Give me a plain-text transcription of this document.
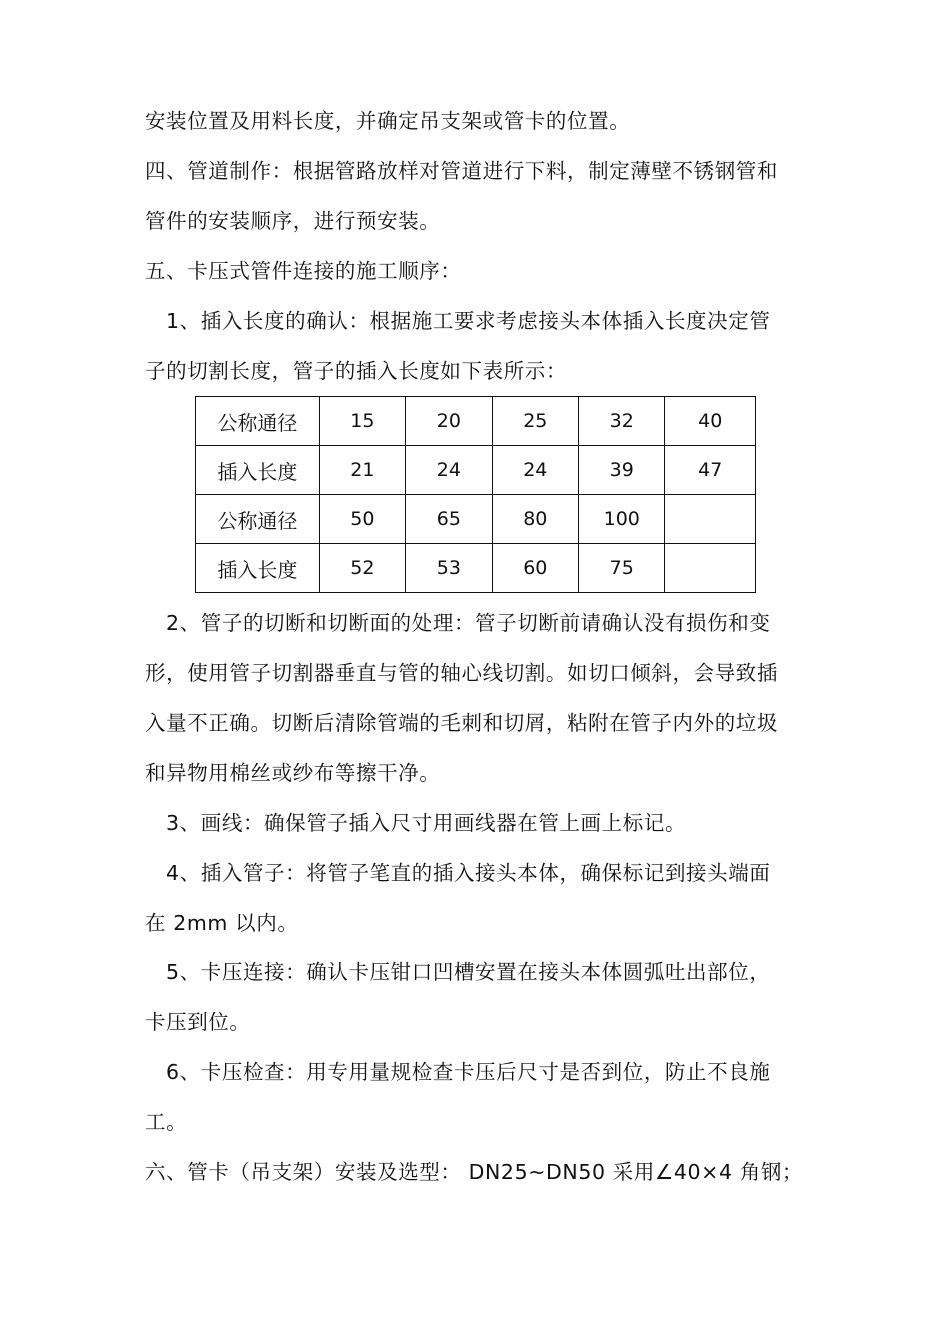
安装位置及用料长度，并确定吊支架或管卡的位置。
四、管道制作：根据管路放样对管道进行下料，制定薄壁不锈钢管和
管件的安装顺序，进行预安装。
五、卡压式管件连接的施工顺序：
1、插入长度的确认：根据施工要求考虑接头本体插入长度决定管
子的切割长度，管子的插入长度如下表所示：
公称通径	15	20	25	32	40
插入长度	21	24	24	39	47
公称通径	50	65	80	100	
插入长度	52	53	60	75	
2、管子的切断和切断面的处理：管子切断前请确认没有损伤和变
形，使用管子切割器垂直与管的轴心线切割。如切口倾斜，会导致插
入量不正确。切断后清除管端的毛刺和切屑，粘附在管子内外的垃圾
和异物用棉丝或纱布等擦干净。
3、画线：确保管子插入尺寸用画线器在管上画上标记。
4、插入管子：将管子笔直的插入接头本体，确保标记到接头端面
在 2mm 以内。
5、卡压连接：确认卡压钳口凹槽安置在接头本体圆弧吐出部位，
卡压到位。
6、卡压检查：用专用量规检查卡压后尺寸是否到位，防止不良施
工。
六、管卡（吊支架）安装及选型： DN25~DN50 采用∠40×4 角钢；
